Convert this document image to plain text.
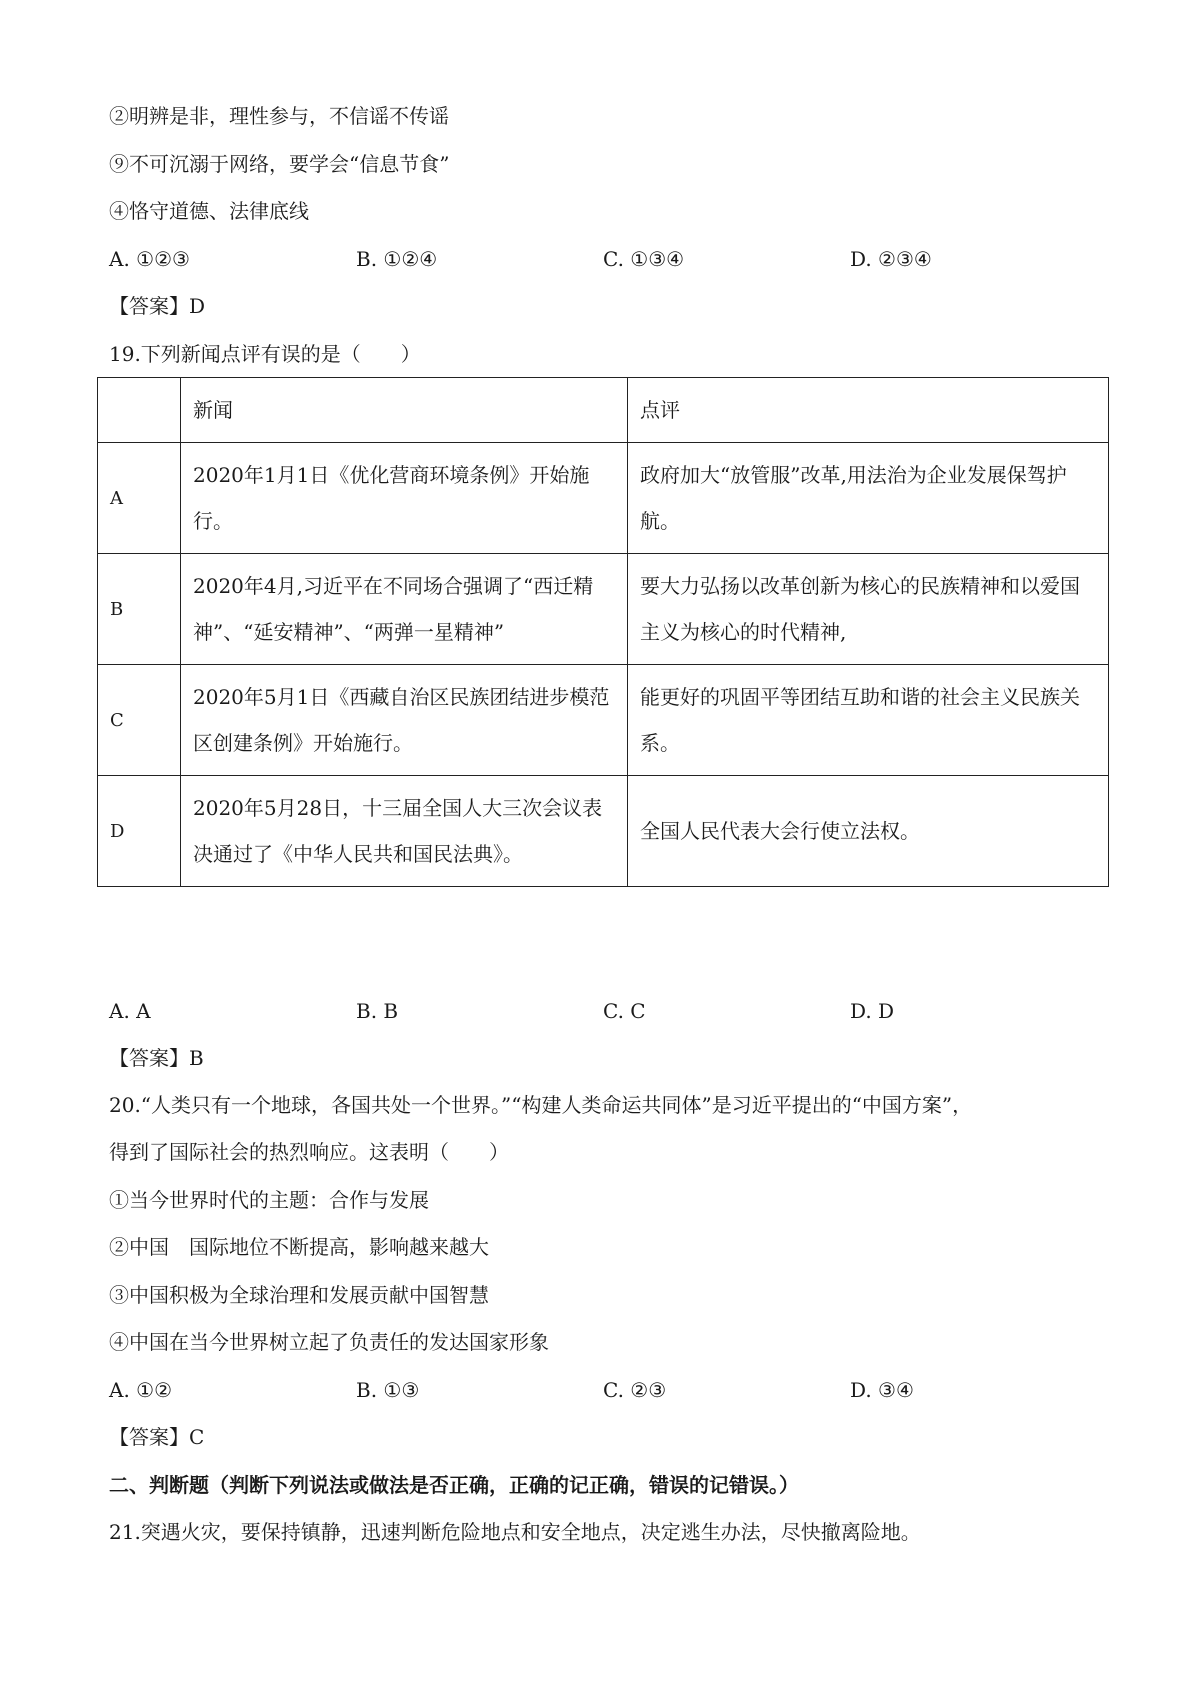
②明辨是非，理性参与，不信谣不传谣
⑨不可沉溺于网络，要学会“信息节食”
④恪守道德、法律底线
A. ①②③	B. ①②④	C. ①③④	D. ②③④
【答案】D
19.下列新闻点评有误的是（　　）
	新闻	点评
A	2020年1月1日《优化营商环境条例》开始施行。	政府加大“放管服”改革,用法治为企业发展保驾护航。
B	2020年4月,习近平在不同场合强调了“西迁精神”、“延安精神”、“两弹一星精神”	要大力弘扬以改革创新为核心的民族精神和以爱国主义为核心的时代精神,
C	2020年5月1日《西藏自治区民族团结进步模范区创建条例》开始施行。	能更好的巩固平等团结互助和谐的社会主义民族关系。
D	2020年5月28日，十三届全国人大三次会议表决通过了《中华人民共和国民法典》。	全国人民代表大会行使立法权。
A. A	B. B	C. C	D. D
【答案】B
20.“人类只有一个地球，各国共处一个世界。”“构建人类命运共同体”是习近平提出的“中国方案”，
得到了国际社会的热烈响应。这表明（　　）
①当今世界时代的主题：合作与发展
②中国　国际地位不断提高，影响越来越大
③中国积极为全球治理和发展贡献中国智慧
④中国在当今世界树立起了负责任的发达国家形象
A. ①②	B. ①③	C. ②③	D. ③④
【答案】C
二、判断题（判断下列说法或做法是否正确，正确的记正确，错误的记错误。）
21.突遇火灾，要保持镇静，迅速判断危险地点和安全地点，决定逃生办法，尽快撤离险地。
